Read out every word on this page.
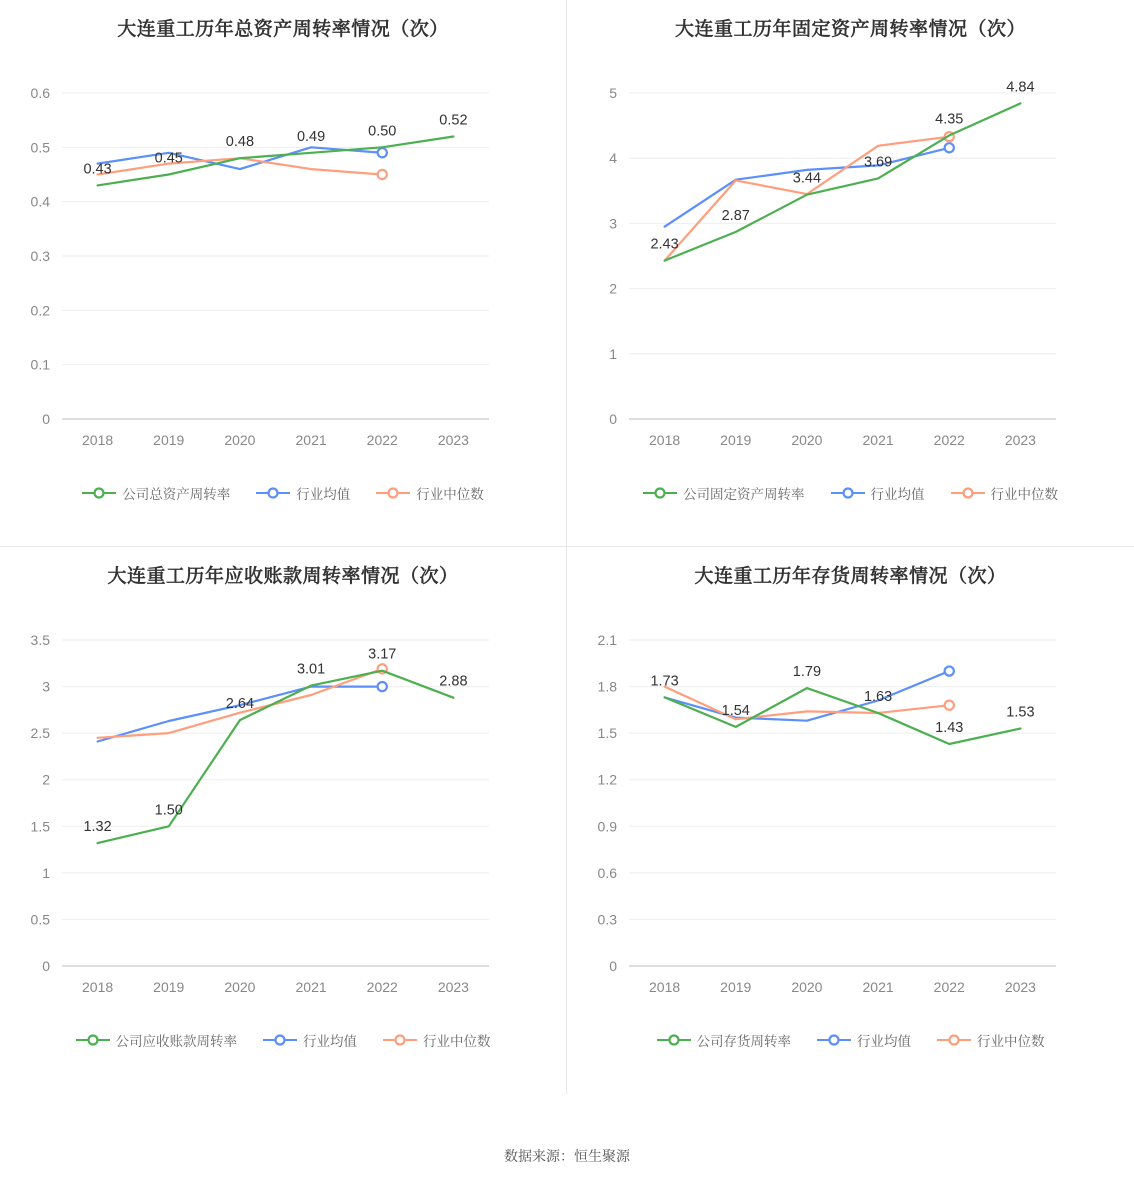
大连重工历年总资产周转率情况（次）
0
0.1
0.2
0.3
0.4
0.5
0.6
2018	2019	2020	2021	2022	2023
0.43
0.45
0.48	0.49	0.50
0.52
公司总资产周转率	行业均值	行业中位数
大连重工历年固定资产周转率情况（次）
0
1
2
3
4
5
2018	2019	2020	2021	2022	2023
2.43
2.87
3.44
3.69
4.35
4.84
公司固定资产周转率	行业均值	行业中位数
大连重工历年应收账款周转率情况（次）
0
0.5
1
1.5
2
2.5
3
3.5
2018	2019	2020	2021	2022	2023
1.32
1.50
2.64
3.01
3.17
2.88
公司应收账款周转率	行业均值	行业中位数
大连重工历年存货周转率情况（次）
0
0.3
0.6
0.9
1.2
1.5
1.8
2.1
2018	2019	2020	2021	2022	2023
1.73
1.54
1.79
1.63
1.43
1.53
公司存货周转率	行业均值	行业中位数
数据来源：恒生聚源
